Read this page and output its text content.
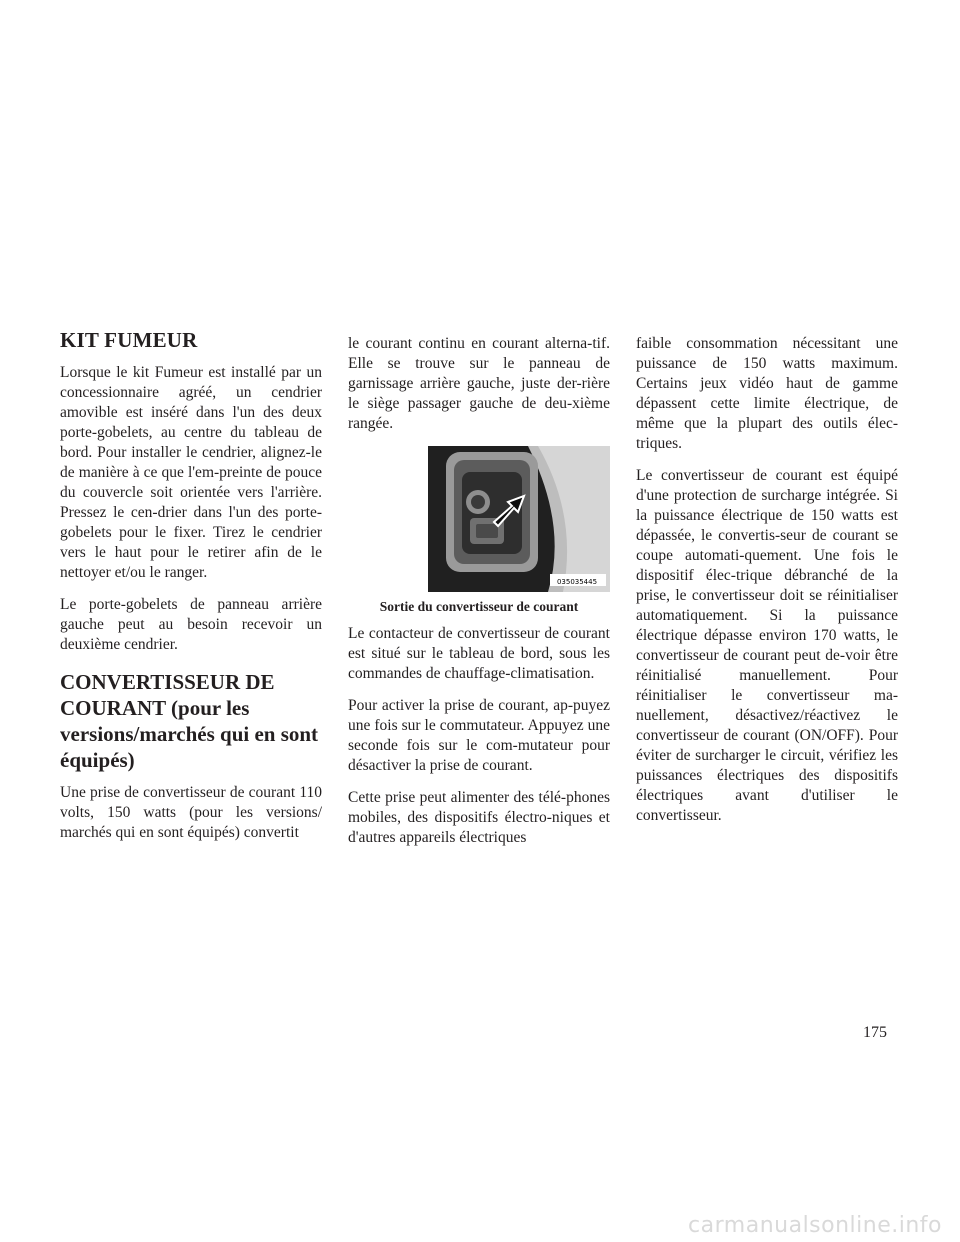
KIT FUMEUR

Lorsque le kit Fumeur est installé par un concessionnaire agréé, un cendrier amovible est inséré dans l'un des deux porte-gobelets, au centre du tableau de bord. Pour installer le cendrier, alignez-le de manière à ce que l'em-preinte de pouce du couvercle soit orientée vers l'arrière. Pressez le cen-drier dans l'un des porte-gobelets pour le fixer. Tirez le cendrier vers le haut pour le retirer afin de le nettoyer et/ou le ranger.

Le porte-gobelets de panneau arrière gauche peut au besoin recevoir un deuxième cendrier.

CONVERTISSEUR DE COURANT (pour les versions/marchés qui en sont équipés)

Une prise de convertisseur de courant 110 volts, 150 watts (pour les versions/ marchés qui en sont équipés) convertit

le courant continu en courant alterna-tif. Elle se trouve sur le panneau de garnissage arrière gauche, juste der-rière le siège passager gauche de deu-xième rangée.

0350354​45
Sortie du convertisseur de courant

Le contacteur de convertisseur de courant est situé sur le tableau de bord, sous les commandes de chauffage-climatisation.

Pour activer la prise de courant, ap-puyez une fois sur le commutateur. Appuyez une seconde fois sur le com-mutateur pour désactiver la prise de courant.

Cette prise peut alimenter des télé-phones mobiles, des dispositifs électro-niques et d'autres appareils électriques

faible consommation nécessitant une puissance de 150 watts maximum. Certains jeux vidéo haut de gamme dépassent cette limite électrique, de même que la plupart des outils élec-triques.

Le convertisseur de courant est équipé d'une protection de surcharge intégrée. Si la puissance électrique de 150 watts est dépassée, le convertis-seur de courant se coupe automati-quement. Une fois le dispositif élec-trique débranché de la prise, le convertisseur doit se réinitialiser automatiquement. Si la puissance électrique dépasse environ 170 watts, le convertisseur de courant peut de-voir être réinitialisé manuellement. Pour réinitialiser le convertisseur ma-nuellement, désactivez/réactivez le convertisseur de courant (ON/OFF). Pour éviter de surcharger le circuit, vérifiez les puissances électriques des dispositifs électriques avant d'utiliser le convertisseur.

175
carmanualsonline.info
